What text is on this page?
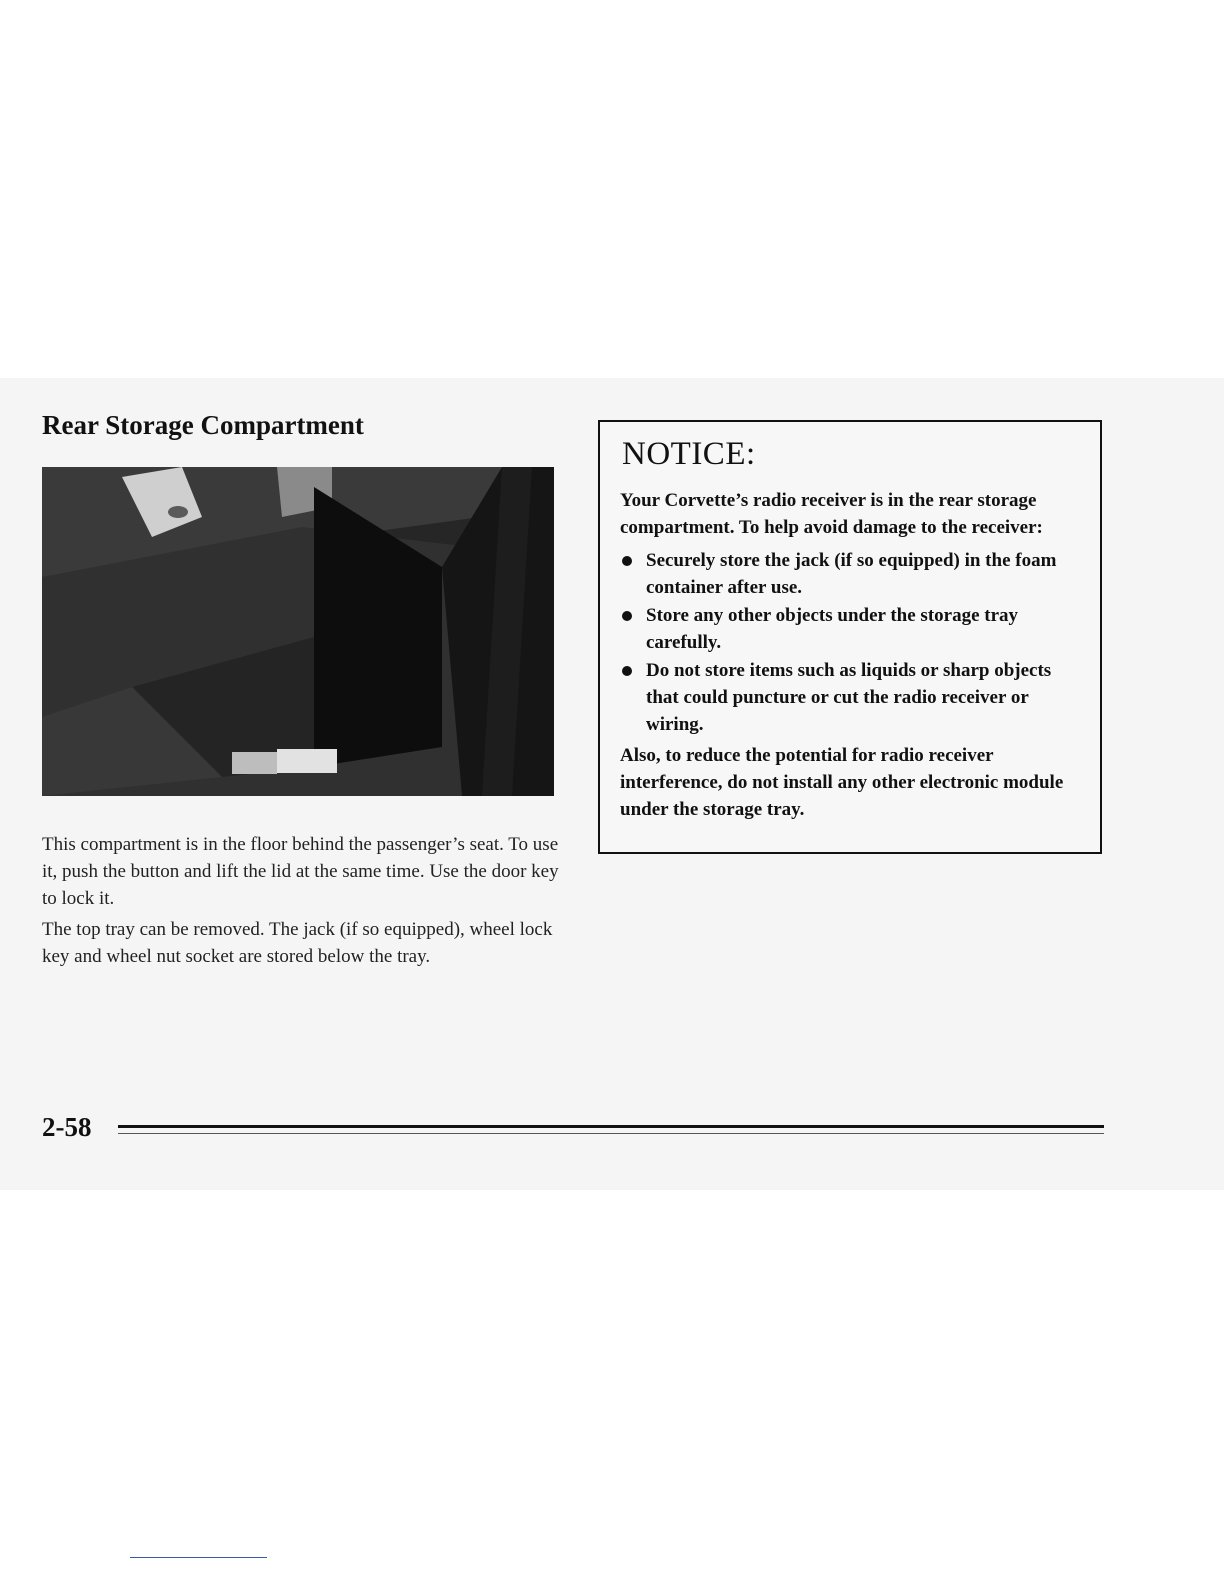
Rear Storage Compartment

This compartment is in the floor behind the passenger’s seat. To use it, push the button and lift the lid at the same time. Use the door key to lock it.

The top tray can be removed. The jack (if so equipped), wheel lock key and wheel nut socket are stored below the tray.

NOTICE:

Your Corvette’s radio receiver is in the rear storage compartment. To help avoid damage to the receiver:

Securely store the jack (if so equipped) in the foam container after use.
Store any other objects under the storage tray carefully.
Do not store items such as liquids or sharp objects that could puncture or cut the radio receiver or wiring.

Also, to reduce the potential for radio receiver interference, do not install any other electronic module under the storage tray.

2-58
